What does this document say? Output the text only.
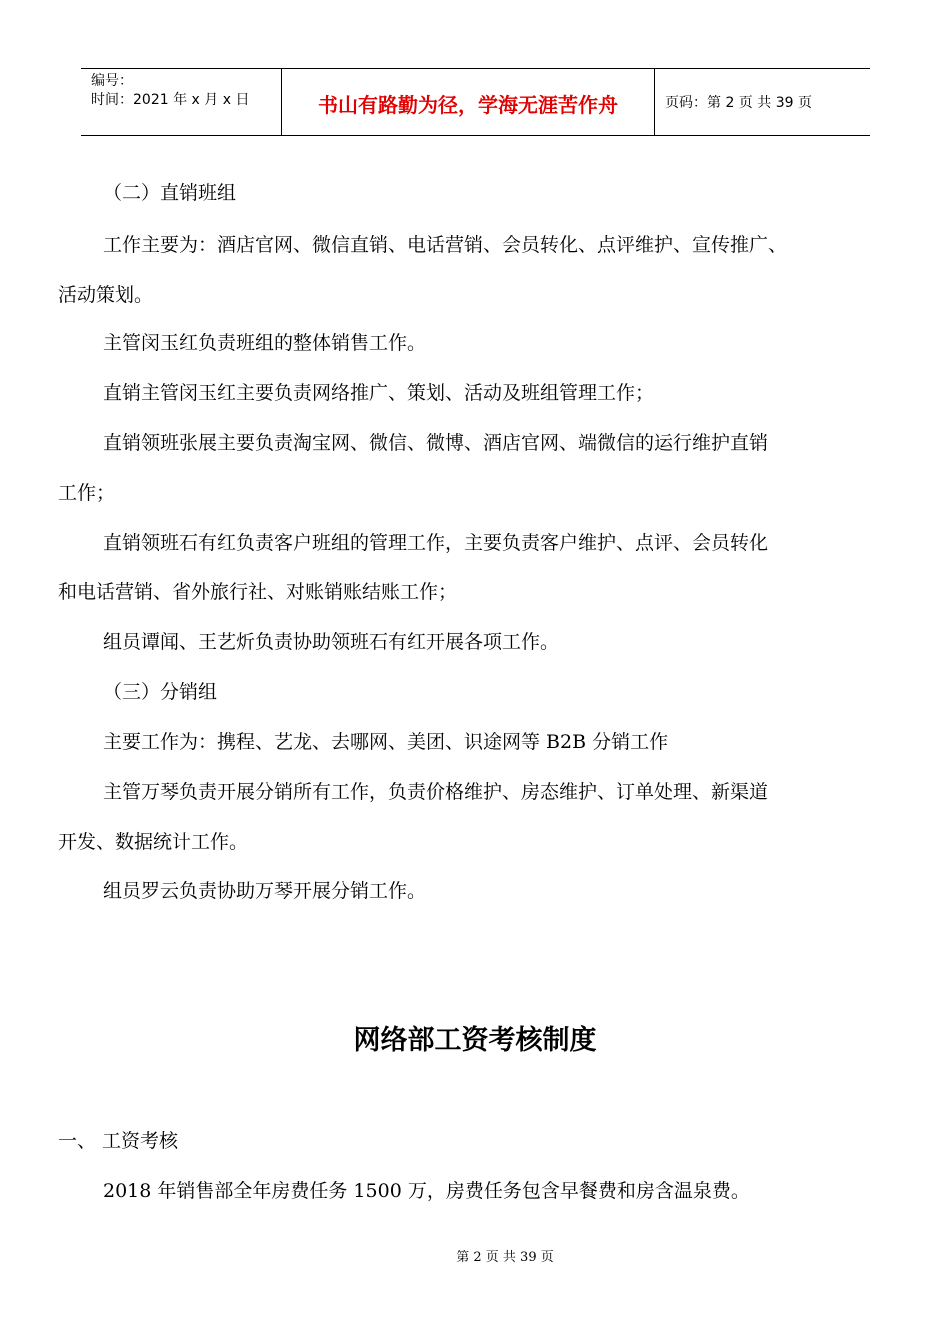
编号：
时间：2021 年 x 月 x 日	书山有路勤为径，学海无涯苦作舟	页码：第 2 页 共 39 页
（二）直销班组
工作主要为：酒店官网、微信直销、电话营销、会员转化、点评维护、宣传推广、
活动策划。
主管闵玉红负责班组的整体销售工作。
直销主管闵玉红主要负责网络推广、策划、活动及班组管理工作；
直销领班张展主要负责淘宝网、微信、微博、酒店官网、端微信的运行维护直销
工作；
直销领班石有红负责客户班组的管理工作，主要负责客户维护、点评、会员转化
和电话营销、省外旅行社、对账销账结账工作；
组员谭闻、王艺炘负责协助领班石有红开展各项工作。
（三）分销组
主要工作为：携程、艺龙、去哪网、美团、识途网等 B2B 分销工作
主管万琴负责开展分销所有工作，负责价格维护、房态维护、订单处理、新渠道
开发、数据统计工作。
组员罗云负责协助万琴开展分销工作。
网络部工资考核制度
一、 工资考核
2018 年销售部全年房费任务 1500 万，房费任务包含早餐费和房含温泉费。
第 2 页 共 39 页
